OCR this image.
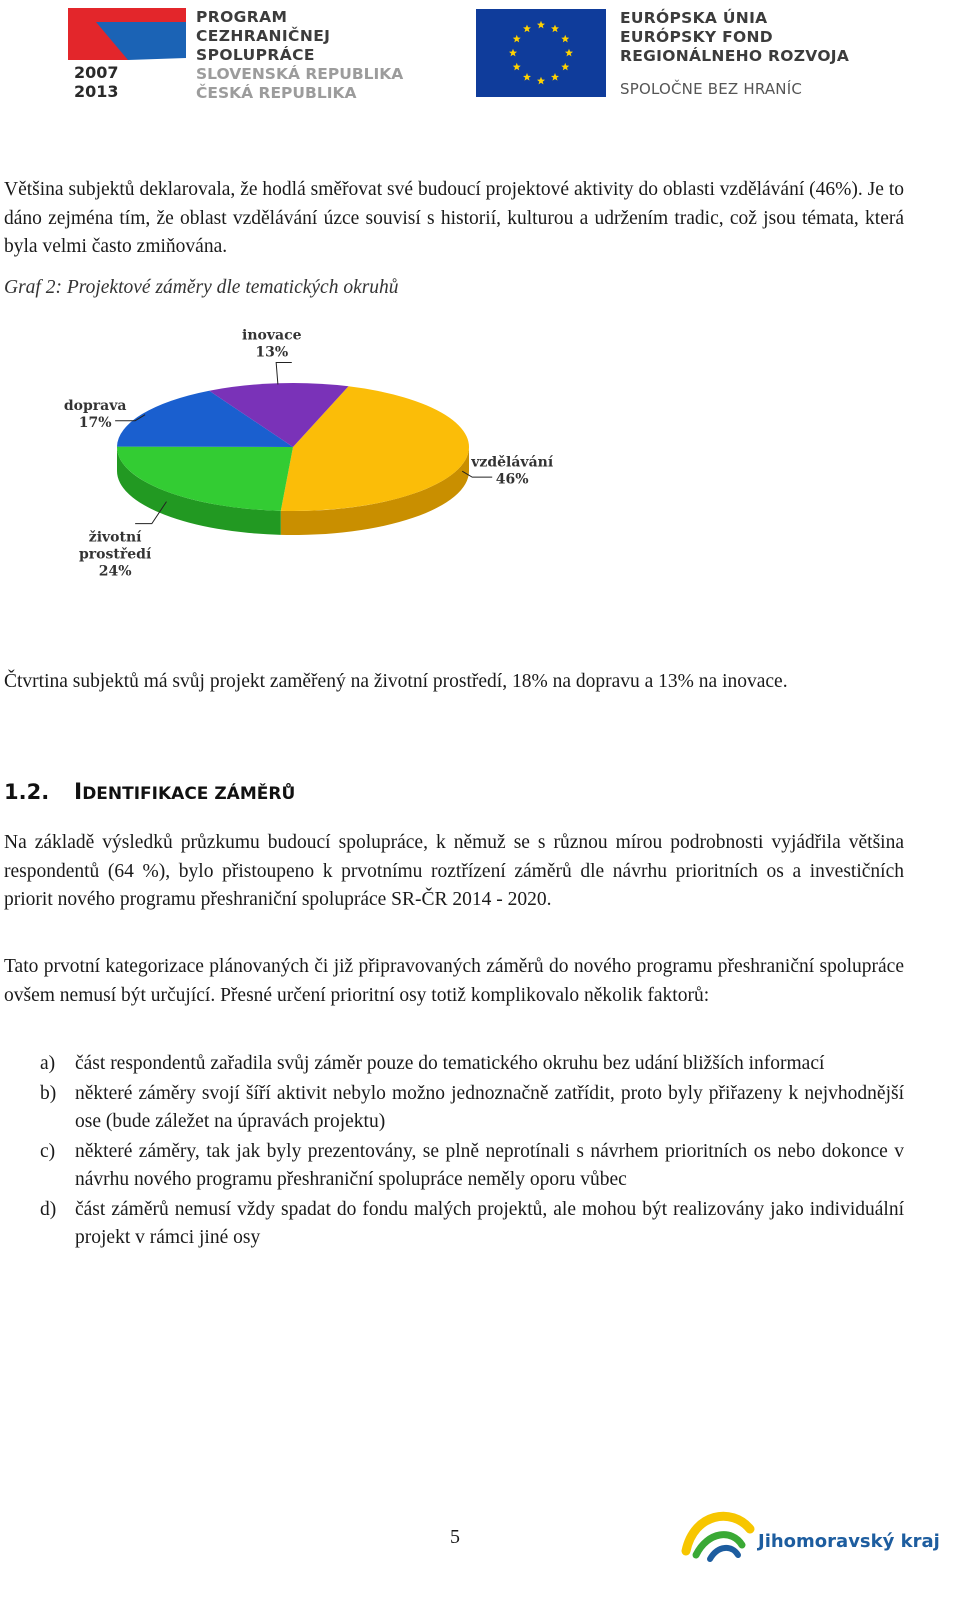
2007
2013
PROGRAM
CEZHRANIČNEJ
SPOLUPRÁCE
SLOVENSKÁ REPUBLIKA
ČESKÁ REPUBLIKA
EURÓPSKA ÚNIA
EURÓPSKY FOND
REGIONÁLNEHO ROZVOJA
SPOLOČNE BEZ HRANÍC
Většina subjektů deklarovala, že hodlá směřovat své budoucí projektové aktivity do oblasti vzdělávání (46%). Je to dáno zejména tím, že oblast vzdělávání úzce souvisí s historií, kulturou a udržením tradic, což jsou témata, která byla velmi často zmiňována.
Graf 2: Projektové záměry dle tematických okruhů
vzdělávání
46%
životní
prostředí
24%
doprava
17%
inovace
13%
Čtvrtina subjektů má svůj projekt zaměřený na životní prostředí, 18% na dopravu a 13% na inovace.
1.2. IDENTIFIKACE ZÁMĚRŮ
Na základě výsledků průzkumu budoucí spolupráce, k němuž se s různou mírou podrobnosti vyjádřila většina respondentů (64 %), bylo přistoupeno k prvotnímu roztřízení záměrů dle návrhu prioritních os a investičních priorit nového programu přeshraniční spolupráce SR-ČR 2014 - 2020.
Tato prvotní kategorizace plánovaných či již připravovaných záměrů do nového programu přeshraniční spolupráce ovšem nemusí být určující. Přesné určení prioritní osy totiž komplikovalo několik faktorů:
a) část respondentů zařadila svůj záměr pouze do tematického okruhu bez udání bližších informací
b) některé záměry svojí šíří aktivit nebylo možno jednoznačně zatřídit, proto byly přiřazeny k nejvhodnější ose (bude záležet na úpravách projektu)
c) některé záměry, tak jak byly prezentovány, se plně neprotínali s návrhem prioritních os nebo dokonce v návrhu nového programu přeshraniční spolupráce neměly oporu vůbec
d) část záměrů nemusí vždy spadat do fondu malých projektů, ale mohou být realizovány jako individuální projekt v rámci jiné osy
5	Jihomoravský kraj
